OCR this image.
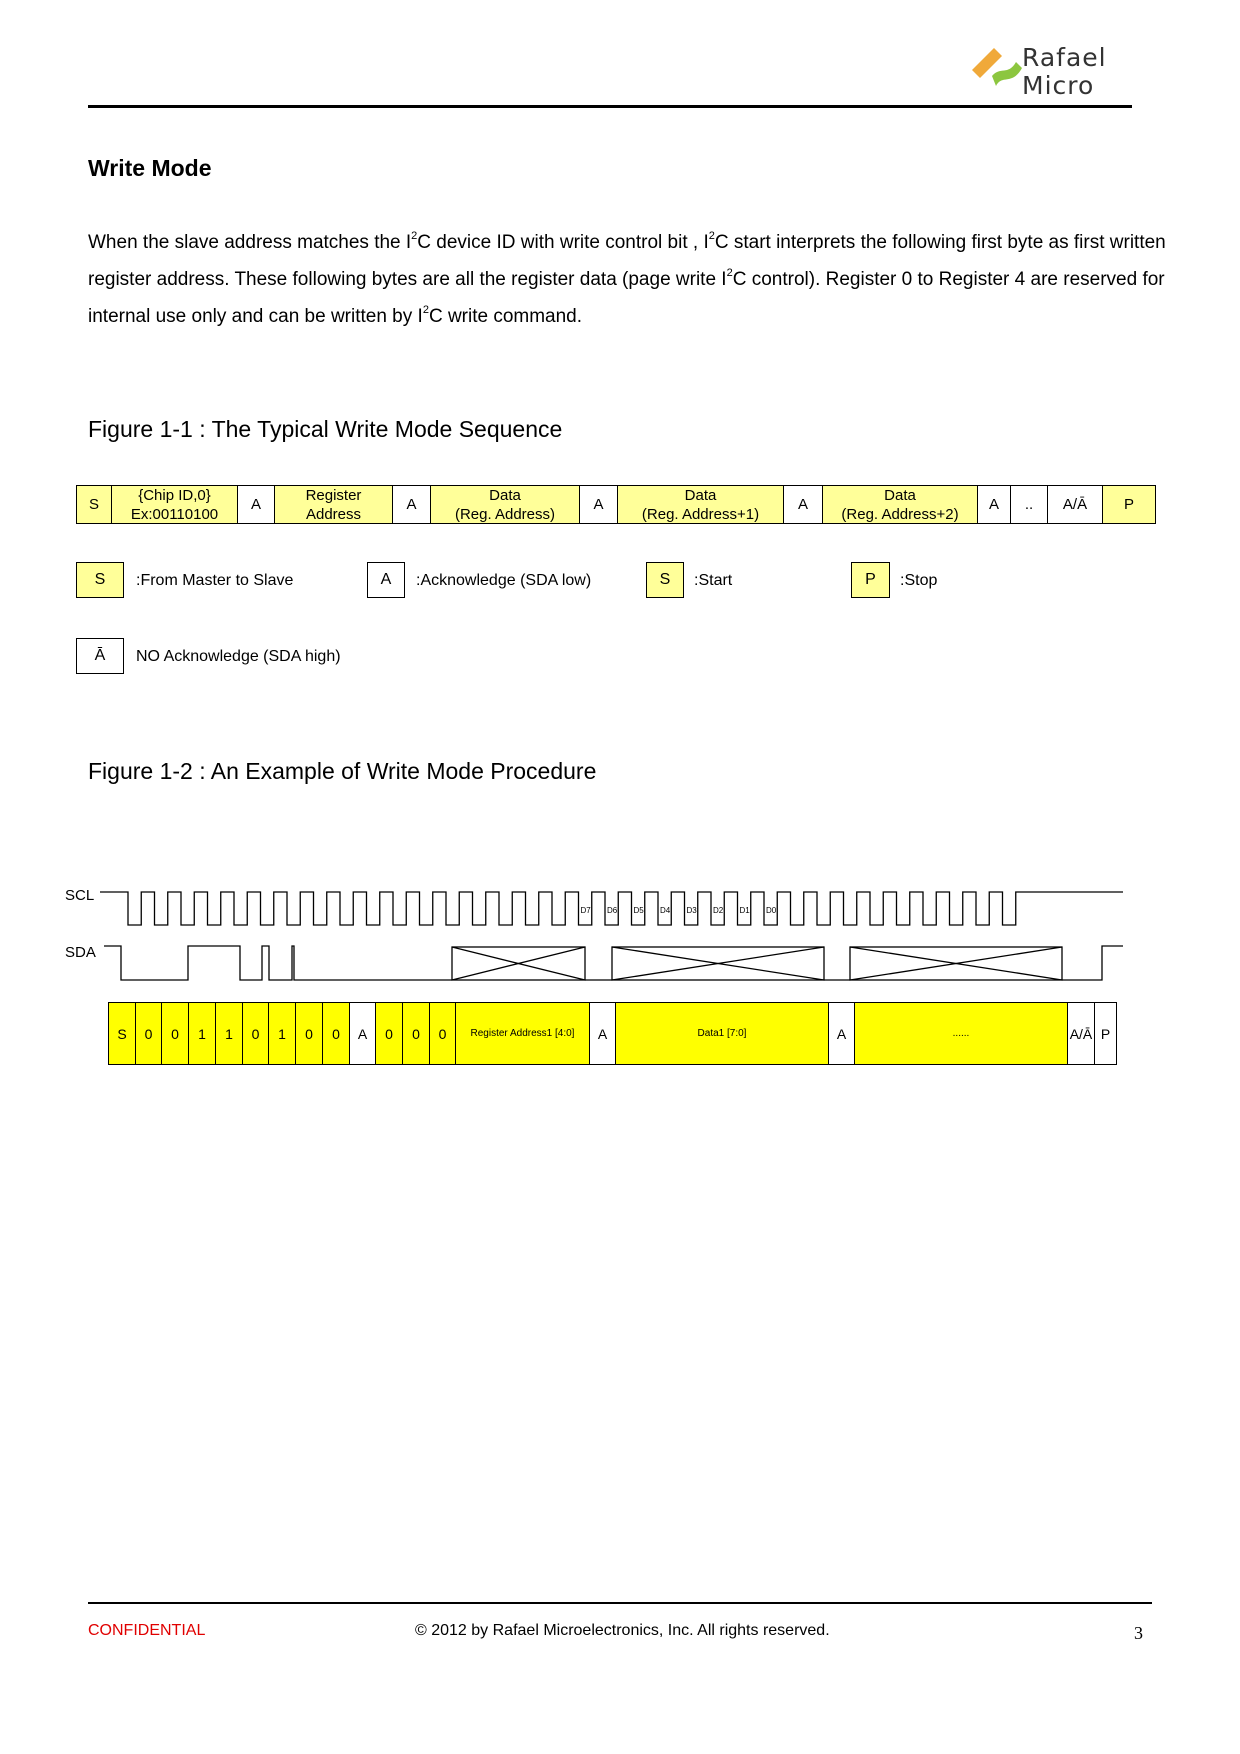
Rafael
Micro
Write Mode
When the slave address matches the $I^2C$ device ID with write control bit , $I^2C$ start interprets the following first byte as first written register address. These following bytes are all the register data (page write $I^2C$ control). Register 0 to Register 4 are reserved for internal use only and can be written by $I^2C$ write command.
Figure 1-1 : The Typical Write Mode Sequence
S
{Chip ID,0}
Ex:00110100
A
Register
Address
A
Data
(Reg. Address)
A
Data
(Reg. Address+1)
A
Data
(Reg. Address+2)
A .. A/Ā P
S	:From Master to Slave	A	:Acknowledge (SDA low)	S	:Start	P	:Stop
Ā	NO Acknowledge (SDA high)
Figure 1-2 : An Example of Write Mode Procedure
SCL
SDA
D7 D6 D5 D4 D3 D2 D1 D0
S	0	0	1	1	0	1	0	0	A	0	0	0	Register Address1 [4:0]	A	Data1 [7:0]	A	......	A/Ā P
CONFIDENTIAL	© 2012 by Rafael Microelectronics, Inc. All rights reserved.	3
